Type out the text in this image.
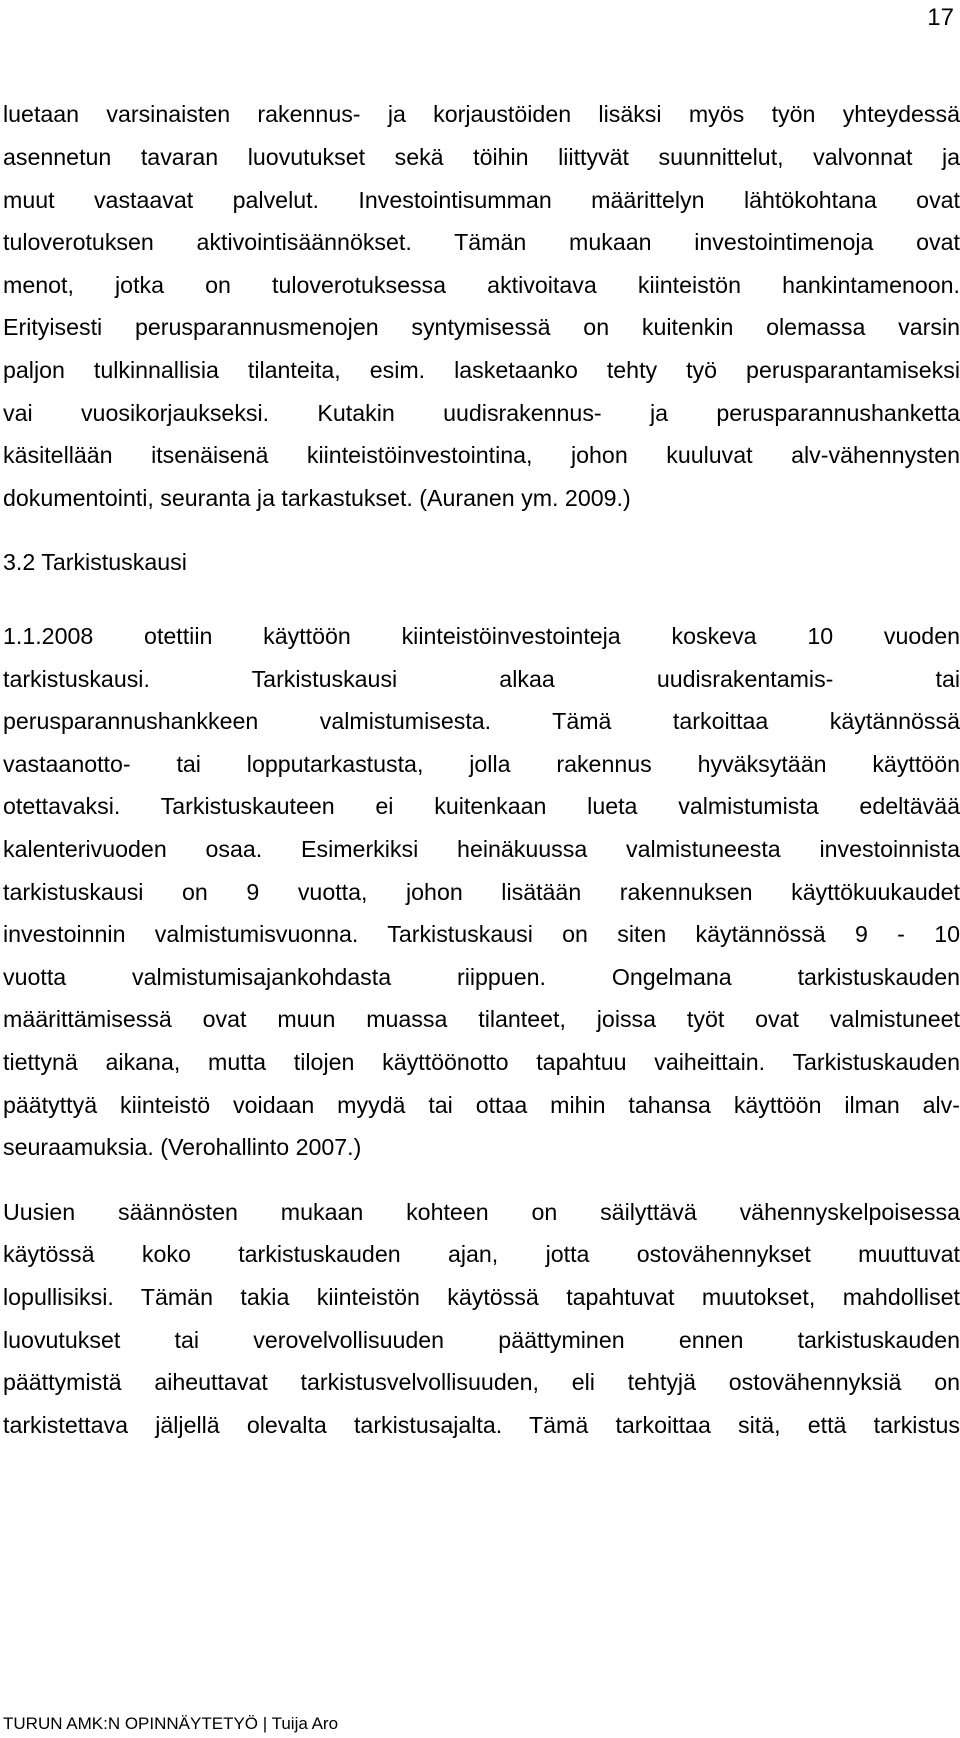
17
luetaan varsinaisten rakennus- ja korjaustöiden lisäksi myös työn yhteydessä
asennetun tavaran luovutukset sekä töihin liittyvät suunnittelut, valvonnat ja
muut vastaavat palvelut. Investointisumman määrittelyn lähtökohtana ovat
tuloverotuksen aktivointisäännökset. Tämän mukaan investointimenoja ovat
menot, jotka on tuloverotuksessa aktivoitava kiinteistön hankintamenoon.
Erityisesti perusparannusmenojen syntymisessä on kuitenkin olemassa varsin
paljon tulkinnallisia tilanteita, esim. lasketaanko tehty työ perusparantamiseksi
vai vuosikorjaukseksi. Kutakin uudisrakennus- ja perusparannushanketta
käsitellään itsenäisenä kiinteistöinvestointina, johon kuuluvat alv-vähennysten
dokumentointi, seuranta ja tarkastukset. (Auranen ym. 2009.)
3.2 Tarkistuskausi
1.1.2008 otettiin käyttöön kiinteistöinvestointeja koskeva 10 vuoden
tarkistuskausi. Tarkistuskausi alkaa uudisrakentamis- tai
perusparannushankkeen valmistumisesta. Tämä tarkoittaa käytännössä
vastaanotto- tai lopputarkastusta, jolla rakennus hyväksytään käyttöön
otettavaksi. Tarkistuskauteen ei kuitenkaan lueta valmistumista edeltävää
kalenterivuoden osaa. Esimerkiksi heinäkuussa valmistuneesta investoinnista
tarkistuskausi on 9 vuotta, johon lisätään rakennuksen käyttökuukaudet
investoinnin valmistumisvuonna. Tarkistuskausi on siten käytännössä 9 - 10
vuotta valmistumisajankohdasta riippuen. Ongelmana tarkistuskauden
määrittämisessä ovat muun muassa tilanteet, joissa työt ovat valmistuneet
tiettynä aikana, mutta tilojen käyttöönotto tapahtuu vaiheittain. Tarkistuskauden
päätyttyä kiinteistö voidaan myydä tai ottaa mihin tahansa käyttöön ilman alv-
seuraamuksia. (Verohallinto 2007.)
Uusien säännösten mukaan kohteen on säilyttävä vähennyskelpoisessa
käytössä koko tarkistuskauden ajan, jotta ostovähennykset muuttuvat
lopullisiksi. Tämän takia kiinteistön käytössä tapahtuvat muutokset, mahdolliset
luovutukset tai verovelvollisuuden päättyminen ennen tarkistuskauden
päättymistä aiheuttavat tarkistusvelvollisuuden, eli tehtyjä ostovähennyksiä on
tarkistettava jäljellä olevalta tarkistusajalta. Tämä tarkoittaa sitä, että tarkistus
TURUN AMK:N OPINNÄYTETYÖ | Tuija Aro
